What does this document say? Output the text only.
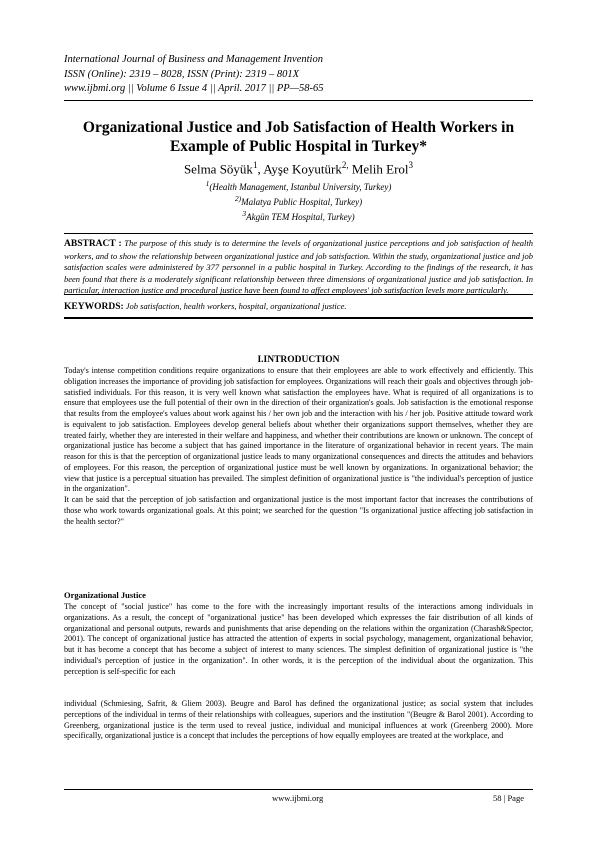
International Journal of Business and Management Invention
ISSN (Online): 2319 – 8028, ISSN (Print): 2319 – 801X
www.ijbmi.org || Volume 6 Issue 4 || April. 2017 || PP—58-65
Organizational Justice and Job Satisfaction of Health Workers in
Example of Public Hospital in Turkey*
Selma Söyük$^1$, Ayşe Koyutürk$^{2,}$ Melih Erol$^3$
$^1$(Health Management, Istanbul University, Turkey)
$^{2)}$Malatya Public Hospital, Turkey)
$^3$Akgün TEM Hospital, Turkey)
ABSTRACT : The purpose of this study is to determine the levels of organizational justice perceptions and job satisfaction of health workers, and to show the relationship between organizational justice and job satisfaction. Within the study, organizational justice and job satisfaction scales were administered by 377 personnel in a public hospital in Turkey. According to the findings of the research, it has been found that there is a moderately significant relationship between three dimensions of organizational justice and job satisfaction. In particular, interaction justice and procedural justice have been found to affect employees' job satisfaction levels more particularly.
KEYWORDS: Job satisfaction, health workers, hospital, organizational justice.
I.INTRODUCTION

Today's intense competition conditions require organizations to ensure that their employees are able to work effectively and efficiently. This obligation increases the importance of providing job satisfaction for employees. Organizations will reach their goals and objectives through job-satisfied individuals. For this reason, it is very well known what satisfaction the employees have. What is required of all organizations is to ensure that employees use the full potential of their own in the direction of their organization's goals. Job satisfaction is the emotional response that results from the employee's values about work against his / her own job and the interaction with his / her job. Positive attitude toward work is equivalent to job satisfaction. Employees develop general beliefs about whether their organizations support themselves, whether they are treated fairly, whether they are interested in their welfare and happiness, and whether their contributions are known or unknown. The concept of organizational justice has become a subject that has gained importance in the literature of organizational behavior in recent years. The main reason for this is that the perception of organizational justice leads to many organizational consequences and directs the attitudes and behaviors of employees. For this reason, the perception of organizational justice must be well known by organizations. In organizational behavior; the view that justice is a perceptual situation has prevailed. The simplest definition of organizational justice is "the individual's perception of justice in the organization".

It can be said that the perception of job satisfaction and organizational justice is the most important factor that increases the contributions of those who work towards organizational goals. At this point; we searched for the question "Is organizational justice affecting job satisfaction in the health sector?"

Organizational Justice

The concept of "social justice" has come to the fore with the increasingly important results of the interactions among individuals in organizations. As a result, the concept of "organizational justice" has been developed which expresses the fair distribution of all kinds of organizational and personal outputs, rewards and punishments that arise depending on the relations within the organization (Charash&Spector, 2001). The concept of organizational justice has attracted the attention of experts in social psychology, management, organizational behavior, but it has become a concept that has become a subject of interest to many sciences. The simplest definition of organizational justice is "the individual's perception of justice in the organization". In other words, it is the perception of the individual about the organization. This perception is self-specific for each

individual (Schmiesing, Safrit, & Gliem 2003). Beugre and Barol has defined the organizational justice; as social system that includes perceptions of the individual in terms of their relationships with colleagues, superiors and the institution "(Beugre & Barol 2001). According to Greenberg, organizational justice is the term used to reveal justice, individual and municipal influences at work (Greenberg 2000). More specifically, organizational justice is a concept that includes the perceptions of how equally employees are treated at the workplace, and

www.ijbmi.org	58 | Page
